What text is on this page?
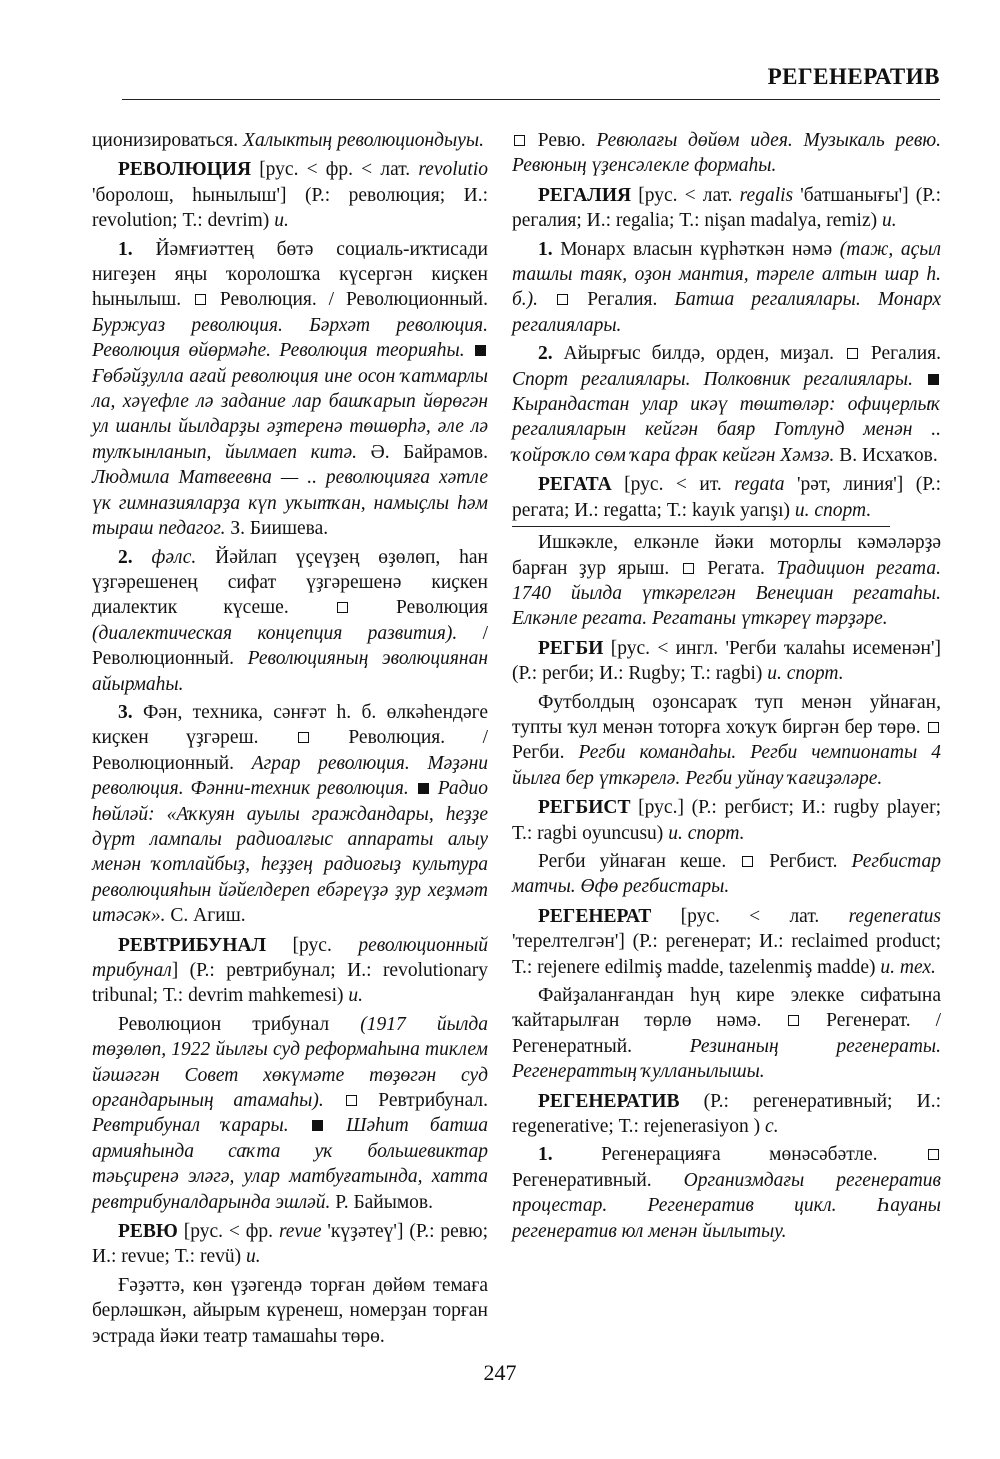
РЕГЕНЕРАТИВ

ционизироваться. Халыктың революциондыуы.

РЕВОЛЮЦИЯ [рус. < фр. < лат. revolutio 'боролош, һынылыш'] (Р.: революция; И.: revolution; Т.: devrim) и.

1. Йәмғиәттең бөтә социаль-иҡтисади нигеҙен яңы ҡоролошҡа күсергән киҫкен һынылыш.  Революция. / Революционный. Буржуаз революция. Бәрхәт революция. Революция өйөрмәһе. Революция теорияһы.  Ғөбәйҙулла ағай революция ине осон ҡатмарлы ла, хәүефле лә задание лар башҡарып йөрөгән ул шанлы йылдарҙы әҙтеренә төшөрһә, әле лә тулҡынланып, йылмаеп китә. Ә. Байрамов. Людмила Матвеевна — .. революцияға хәтле үк гимназияларҙа күп уҡытҡан, намыҫлы һәм тыраш педагог. З. Биишева.

2. фәлс. Йәйлап үҫеүҙең өҙөлөп, һан үҙгәрешенең сифат үҙгәрешенә киҫкен диалектик күсеше.  Революция (диалектическая концепция развития). / Революционный. Революцияның эволюциянан айырмаһы.

3. Фән, техника, сәнғәт һ. б. өлкәһендәге киҫкен үҙгәреш.  Революция. / Революционный. Аграр революция. Мәҙәни революция. Фәнни-техник революция.  Радио һөйләй: «Аҡкуян ауылы граждандары, һеҙҙе дүрт лампалы радиоалғыс аппараты алыу менән ҡотлайбыҙ, һеҙҙең радиоғыҙ культура революцияһын йәйелдереп ебәреүҙә ҙур хеҙмәт итәсәк». С. Агиш.

РЕВТРИБУНАЛ [рус. революционный трибунал] (Р.: ревтрибунал; И.: revolutionary tribunal; Т.: devrim mahkemesi) и.

Революцион трибунал (1917 йылда төҙөлөп, 1922 йылғы суд реформаһына тиклем йәшәгән Совет хөкүмәте төҙөгән суд органдарының атамаһы).  Ревтрибунал. Ревтрибунал ҡарары.  Шәһит батша армияһында саҡта уҡ большевиктар тәьҫиренә эләгә, улар матбуғатында, хатта ревтрибуналдарында эшләй. Р. Байымов.

РЕВЮ [рус. < фр. revue 'күҙәтеү'] (Р.: ревю; И.: revue; Т.: revü) и.

Ғәҙәттә, көн үҙәгендә торған дөйөм темаға берләшкән, айырым күренеш, номерҙан торған эстрада йәки театр тамашаһы төрө.

Ревю. Ревюлағы дөйөм идея. Музыкаль ревю. Ревюның үҙенсәлекле формаһы.

РЕГАЛИЯ [рус. < лат. regalis 'батшанығы'] (Р.: регалия; И.: regalia; Т.: nişan madalya, remiz) и.

1. Монарх власын күрһәткән нәмә (таж, аҫыл ташлы таяк, оҙон мантия, тәреле алтын шар һ. б.).  Регалия. Батша регалиялары. Монарх регалиялары.

2. Айырғыс билдә, орден, миҙал.  Регалия. Спорт регалиялары. Полковник регалиялары.  Кырандастан улар икәү төштөләр: офицерлыҡ регалияларын кейгән баяр Готлунд менән .. ҡойроҡло сөм ҡара фрак кейгән Хәмзә. В. Исхаҡов.

РЕГАТА [рус. < ит. regata 'рәт, линия'] (Р.: регата; И.: regatta; Т.: kayık yarışı) и. спорт.

Ишкәкле, елкәнле йәки моторлы кәмәләрҙә барған ҙур ярыш.  Регата. Традицион регата. 1740 йылда үткәрелгән Венециан регатаһы. Елкәнле регата. Регатаны үткәреү тәрҙәре.

РЕГБИ [рус. < ингл. 'Регби ҡалаһы исеменән'] (Р.: регби; И.: Rugby; Т.: ragbi) и. спорт.

Футболдың оҙонсараҡ туп менән уйнаған, тупты ҡул менән тоторға хоҡуҡ биргән бер төрө.  Регби. Регби командаһы. Регби чемпионаты 4 йылға бер үткәрелә. Регби уйнау ҡағиҙәләре.

РЕГБИСТ [рус.] (Р.: регбист; И.: rugby player; Т.: ragbi oyuncusu) и. спорт.

Регби уйнаған кеше.  Регбист. Регбистар матчы. Өфө регбистары.

РЕГЕНЕРАТ [рус. < лат. regeneratus 'терелтелгән'] (Р.: регенерат; И.: reclaimed product; Т.: rejenere edilmiş madde, tazelenmiş madde) и. тех.

Файҙаланғандан һуң кире элекке сифатына ҡайтарылған төрлө нәмә.  Регенерат. / Регенератный. Резинаның регенераты. Регенераттың ҡулланылышы.

РЕГЕНЕРАТИВ (Р.: регенеративный; И.: regenerative; Т.: rejenerasiyon ) с.

1. Регенерацияға мөнәсәбәтле.  Регенеративный. Организмдағы регенератив процестар. Регенератив цикл. Һауаны регенератив юл менән йылытыу.

247
